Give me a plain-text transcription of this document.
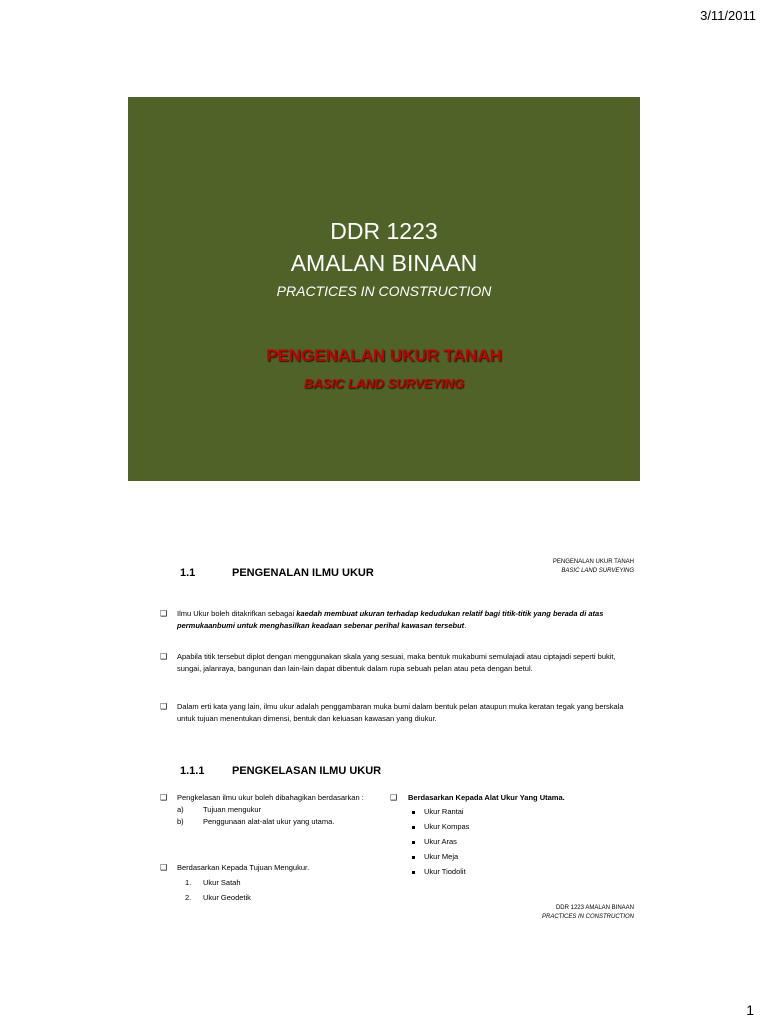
3/11/2011
DDR 1223
AMALAN BINAAN
PRACTICES IN CONSTRUCTION
PENGENALAN UKUR TANAH
BASIC LAND SURVEYING
PENGENALAN UKUR TANAH
BASIC LAND SURVEYING
1.1	PENGENALAN ILMU UKUR
❑ Ilmu Ukur boleh ditakrifkan sebagai kaedah membuat ukuran terhadap kedudukan relatif bagi titik-titik yang berada di atas permukaanbumi untuk menghasilkan keadaan sebenar perihal kawasan tersebut.
❑ Apabila titik tersebut diplot dengan menggunakan skala yang sesuai, maka bentuk mukabumi semulajadi atau ciptajadi seperti bukit, sungai, jalanraya, bangunan dan lain-lain dapat dibentuk dalam rupa sebuah pelan atau peta dengan betul.
❑ Dalam erti kata yang lain, ilmu ukur adalah penggambaran muka bumi dalam bentuk pelan ataupun muka keratan tegak yang berskala untuk tujuan menentukan dimensi, bentuk dan keluasan kawasan yang diukur.
1.1.1	PENGKELASAN ILMU UKUR
❑ Pengkelasan ilmu ukur boleh dibahagikan berdasarkan :
a)	Tujuan mengukur
b)	Penggunaan alat-alat ukur yang utama.
❑ Berdasarkan Kepada Tujuan Mengukur.
1. Ukur Satah
2. Ukur Geodetik
❑ Berdasarkan Kepada Alat Ukur Yang Utama.
Ukur Rantai
Ukur Kompas
Ukur Aras
Ukur Meja
Ukur Tiodolit
DDR 1223 AMALAN BINAAN
PRACTICES IN CONSTRUCTION
1
